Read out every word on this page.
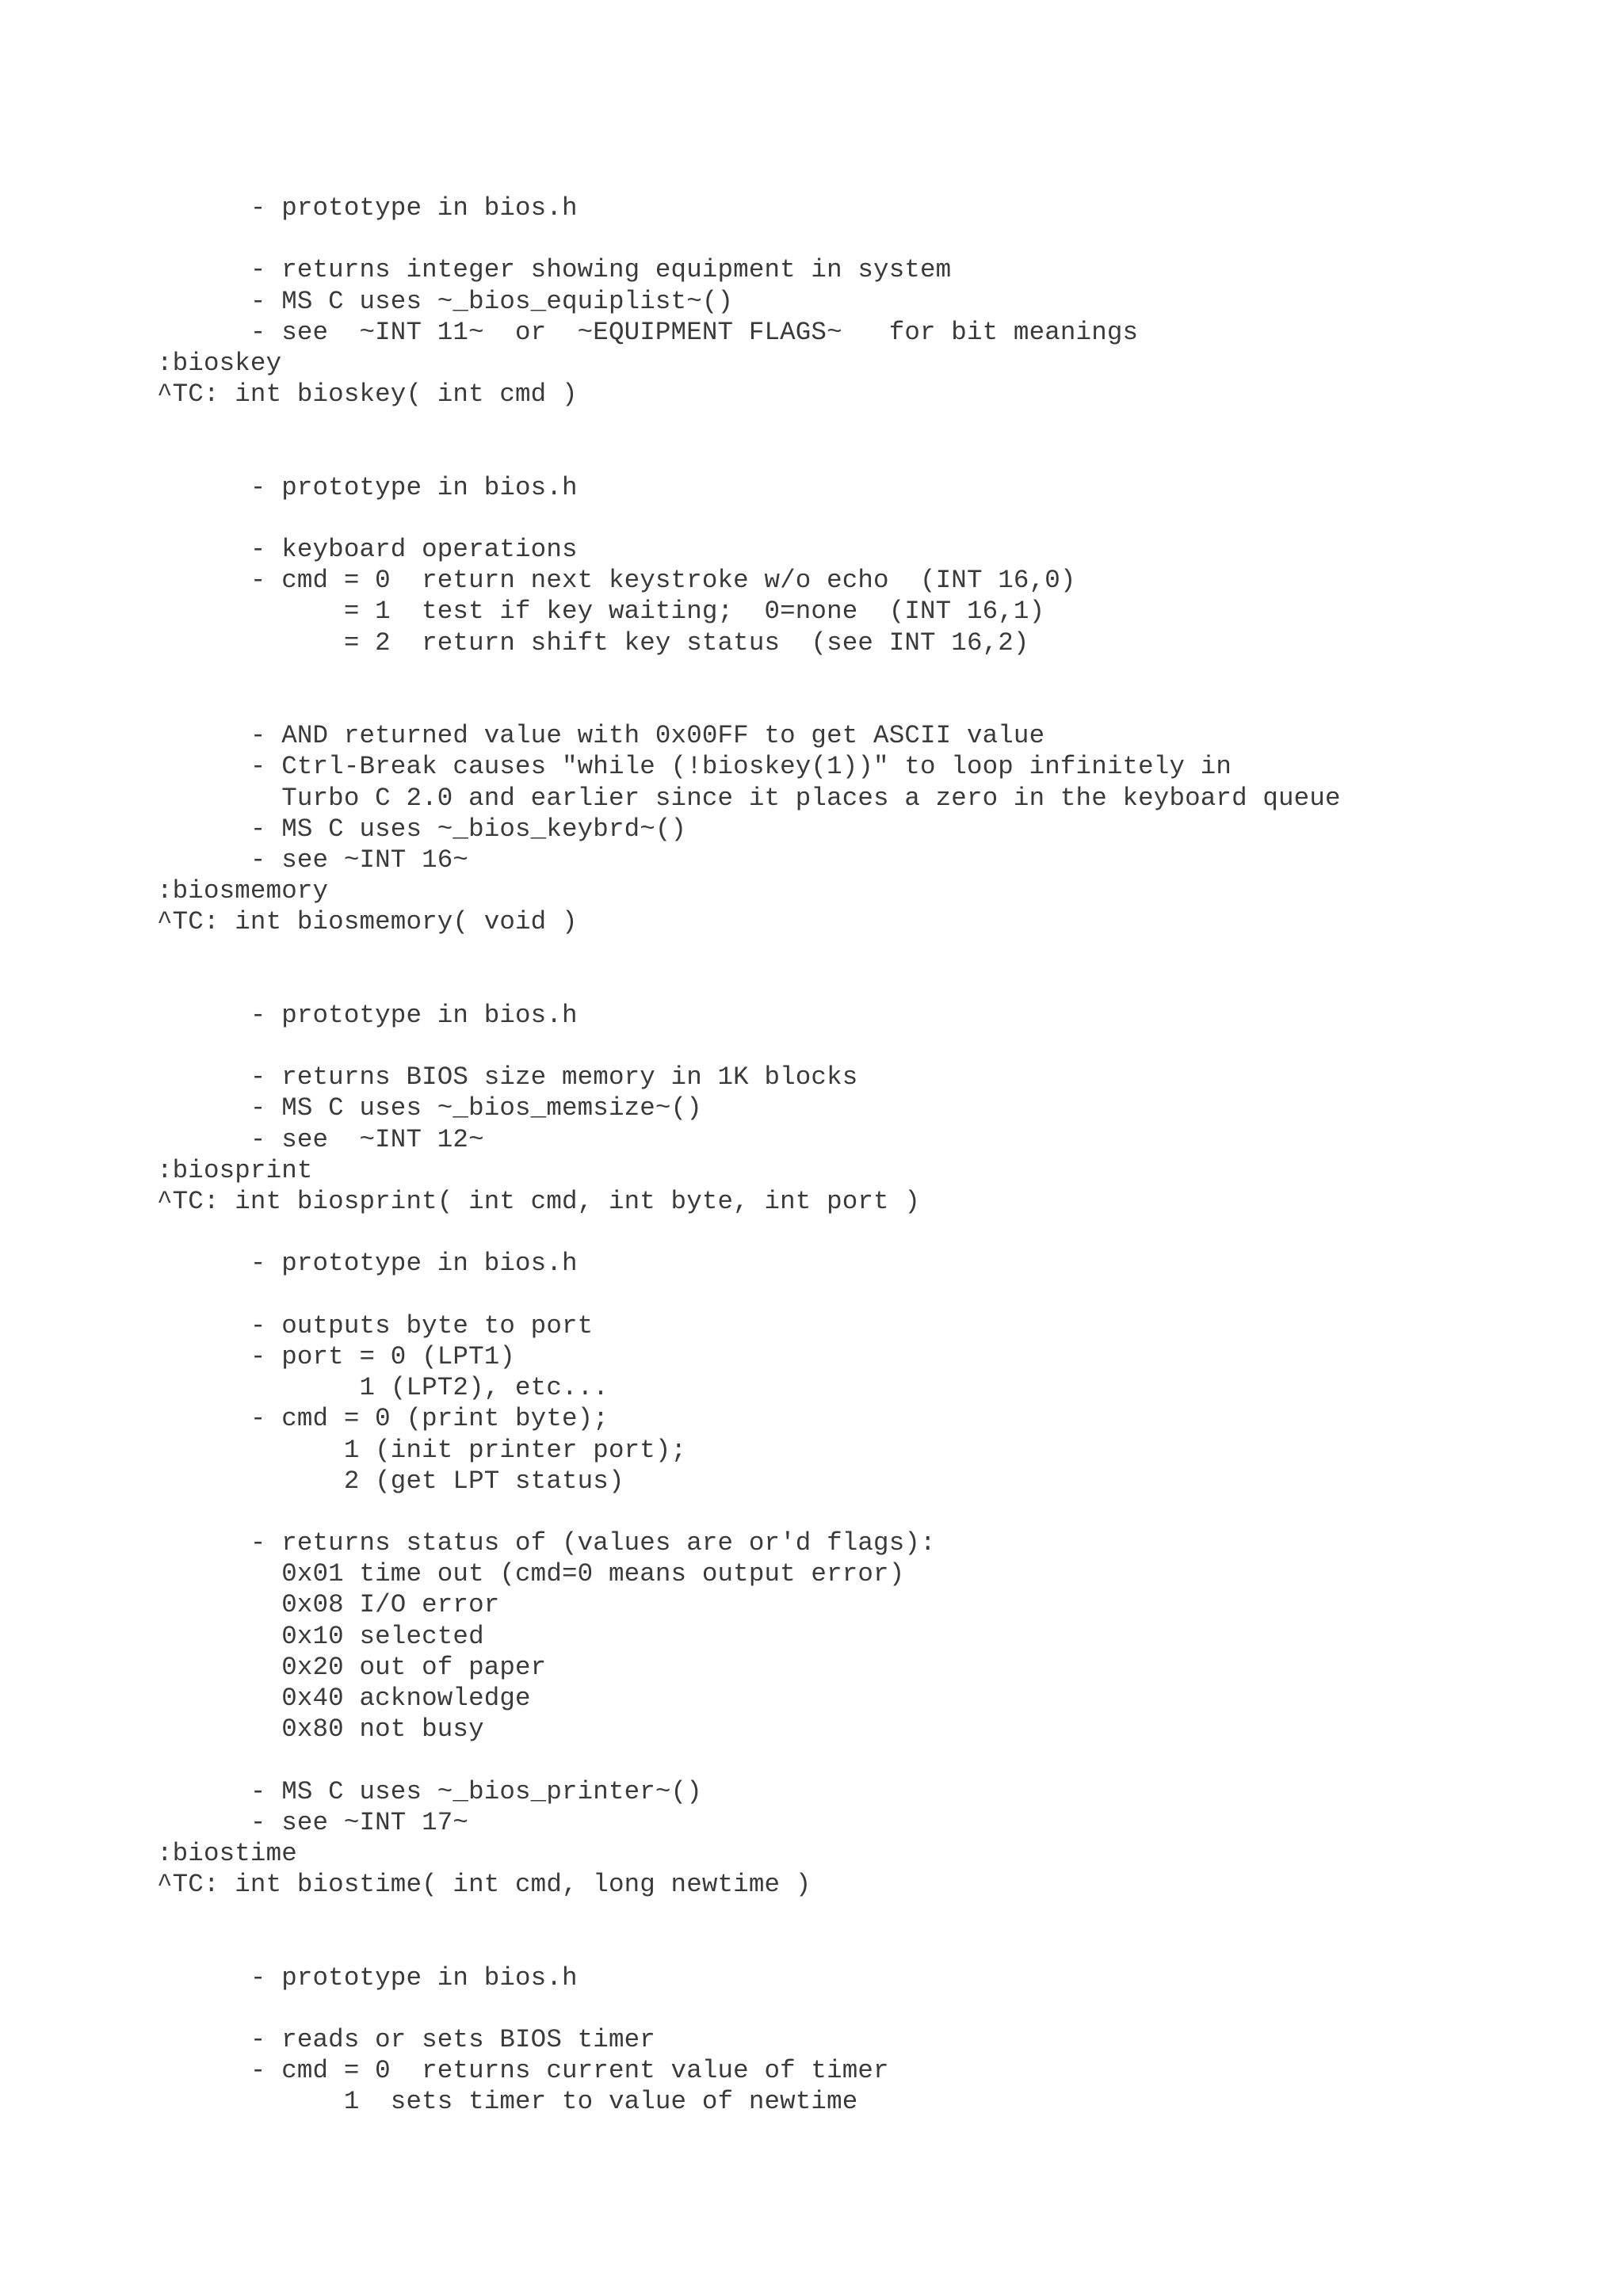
- prototype in bios.h
- returns integer showing equipment in system
- MS C uses ~_bios_equiplist~()
- see  ~INT 11~  or  ~EQUIPMENT FLAGS~   for bit meanings
:bioskey
^TC: int bioskey( int cmd )
- prototype in bios.h
- keyboard operations
- cmd = 0  return next keystroke w/o echo  (INT 16,0)
= 1  test if key waiting;  0=none  (INT 16,1)
= 2  return shift key status  (see INT 16,2)
- AND returned value with 0x00FF to get ASCII value
- Ctrl-Break causes "while (!bioskey(1))" to loop infinitely in
Turbo C 2.0 and earlier since it places a zero in the keyboard queue
- MS C uses ~_bios_keybrd~()
- see ~INT 16~
:biosmemory
^TC: int biosmemory( void )
- prototype in bios.h
- returns BIOS size memory in 1K blocks
- MS C uses ~_bios_memsize~()
- see  ~INT 12~
:biosprint
^TC: int biosprint( int cmd, int byte, int port )
- prototype in bios.h
- outputs byte to port
- port = 0 (LPT1)
1 (LPT2), etc...
- cmd = 0 (print byte);
1 (init printer port);
2 (get LPT status)
- returns status of (values are or'd flags):
0x01 time out (cmd=0 means output error)
0x08 I/O error
0x10 selected
0x20 out of paper
0x40 acknowledge
0x80 not busy
- MS C uses ~_bios_printer~()
- see ~INT 17~
:biostime
^TC: int biostime( int cmd, long newtime )
- prototype in bios.h
- reads or sets BIOS timer
- cmd = 0  returns current value of timer
1  sets timer to value of newtime
